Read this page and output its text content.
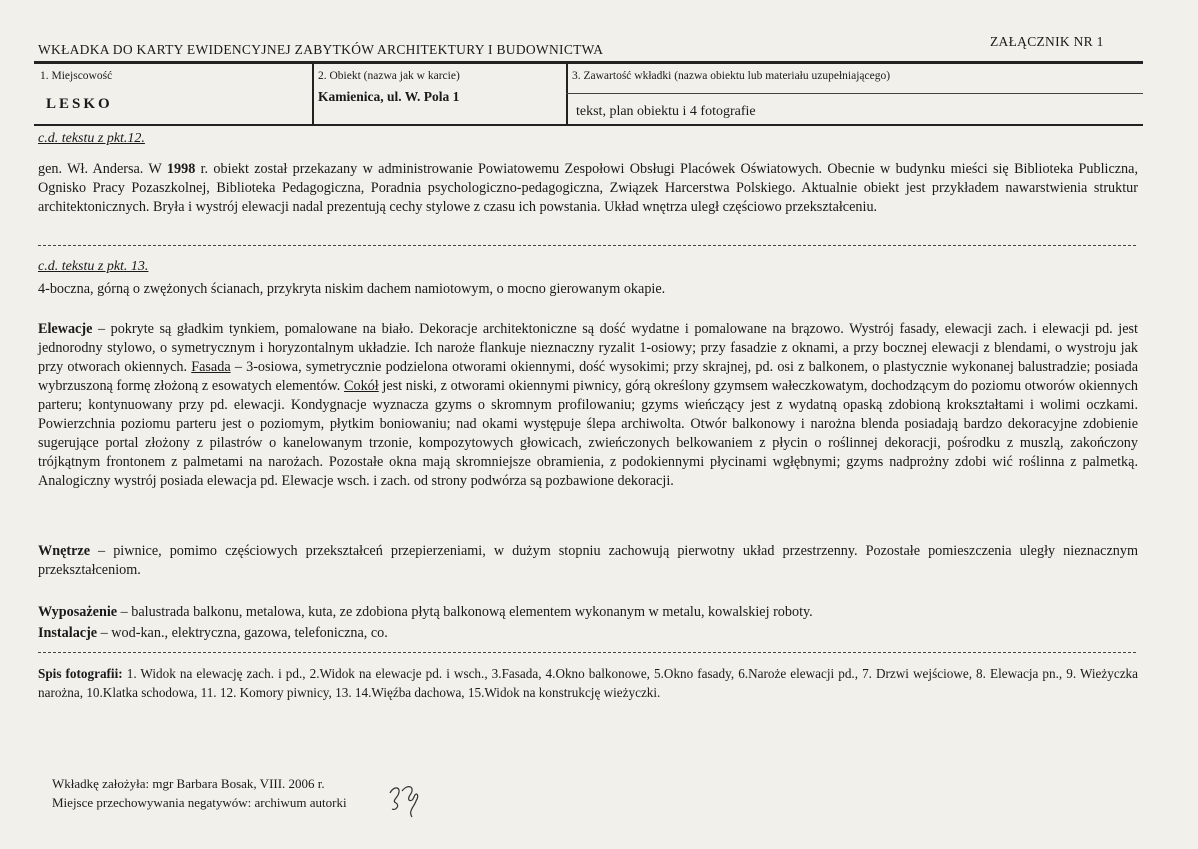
WKŁADKA DO KARTY EWIDENCYJNEJ ZABYTKÓW ARCHITEKTURY I BUDOWNICTWA
ZAŁĄCZNIK NR 1
1. Miejscowość
LESKO
2. Obiekt (nazwa jak w karcie)
Kamienica, ul. W. Pola 1
3. Zawartość wkładki (nazwa obiektu lub materiału uzupełniającego)
tekst, plan obiektu i 4 fotografie
c.d. tekstu z pkt.12.
gen. Wł. Andersa. W 1998 r. obiekt został przekazany w administrowanie Powiatowemu Zespołowi Obsługi Placówek Oświatowych. Obecnie w budynku mieści się Biblioteka Publiczna, Ognisko Pracy Pozaszkolnej, Biblioteka Pedagogiczna, Poradnia psychologiczno-pedagogiczna, Związek Harcerstwa Polskiego. Aktualnie obiekt jest przykładem nawarstwienia struktur architektonicznych. Bryła i wystrój elewacji nadal prezentują cechy stylowe z czasu ich powstania. Układ wnętrza uległ częściowo przekształceniu.
c.d. tekstu z pkt. 13.
4-boczna, górną o zwężonych ścianach, przykryta niskim dachem namiotowym, o mocno gierowanym okapie.
Elewacje – pokryte są gładkim tynkiem, pomalowane na biało. Dekoracje architektoniczne są dość wydatne i pomalowane na brązowo. Wystrój fasady, elewacji zach. i elewacji pd. jest jednorodny stylowo, o symetrycznym i horyzontalnym układzie. Ich naroże flankuje nieznaczny ryzalit 1-osiowy; przy fasadzie z oknami, a przy bocznej elewacji z blendami, o wystroju jak przy otworach okiennych. Fasada – 3-osiowa, symetrycznie podzielona otworami okiennymi, dość wysokimi; przy skrajnej, pd. osi z balkonem, o plastycznie wykonanej balustradzie; posiada wybrzuszoną formę złożoną z esowatych elementów. Cokół jest niski, z otworami okiennymi piwnicy, górą określony gzymsem wałeczkowatym, dochodzącym do poziomu otworów okiennych parteru; kontynuowany przy pd. elewacji. Kondygnacje wyznacza gzyms o skromnym profilowaniu; gzyms wieńczący jest z wydatną opaską zdobioną krokształtami i wolimi oczkami. Powierzchnia poziomu parteru jest o poziomym, płytkim boniowaniu; nad okami występuje ślepa archiwolta. Otwór balkonowy i narożna blenda posiadają bardzo dekoracyjne zdobienie sugerujące portal złożony z pilastrów o kanelowanym trzonie, kompozytowych głowicach, zwieńczonych belkowaniem z płycin o roślinnej dekoracji, pośrodku z muszlą, zakończony trójkątnym frontonem z palmetami na narożach. Pozostałe okna mają skromniejsze obramienia, z podokiennymi płycinami wgłębnymi; gzyms nadprożny zdobi wić roślinna z palmetką. Analogiczny wystrój posiada elewacja pd. Elewacje wsch. i zach. od strony podwórza są pozbawione dekoracji.
Wnętrze – piwnice, pomimo częściowych przekształceń przepierzeniami, w dużym stopniu zachowują pierwotny układ przestrzenny. Pozostałe pomieszczenia uległy nieznacznym przekształceniom.
Wyposażenie – balustrada balkonu, metalowa, kuta, ze zdobiona płytą balkonową elementem wykonanym w metalu, kowalskiej roboty.
Instalacje – wod-kan., elektryczna, gazowa, telefoniczna, co.
Spis fotografii: 1. Widok na elewację zach. i pd., 2.Widok na elewacje pd. i wsch., 3.Fasada, 4.Okno balkonowe, 5.Okno fasady, 6.Naroże elewacji pd., 7. Drzwi wejściowe, 8. Elewacja pn., 9. Wieżyczka narożna, 10.Klatka schodowa, 11. 12. Komory piwnicy, 13. 14.Więźba dachowa, 15.Widok na konstrukcję wieżyczki.
Wkładkę założyła: mgr Barbara Bosak, VIII. 2006 r.
Miejsce przechowywania negatywów: archiwum autorki
